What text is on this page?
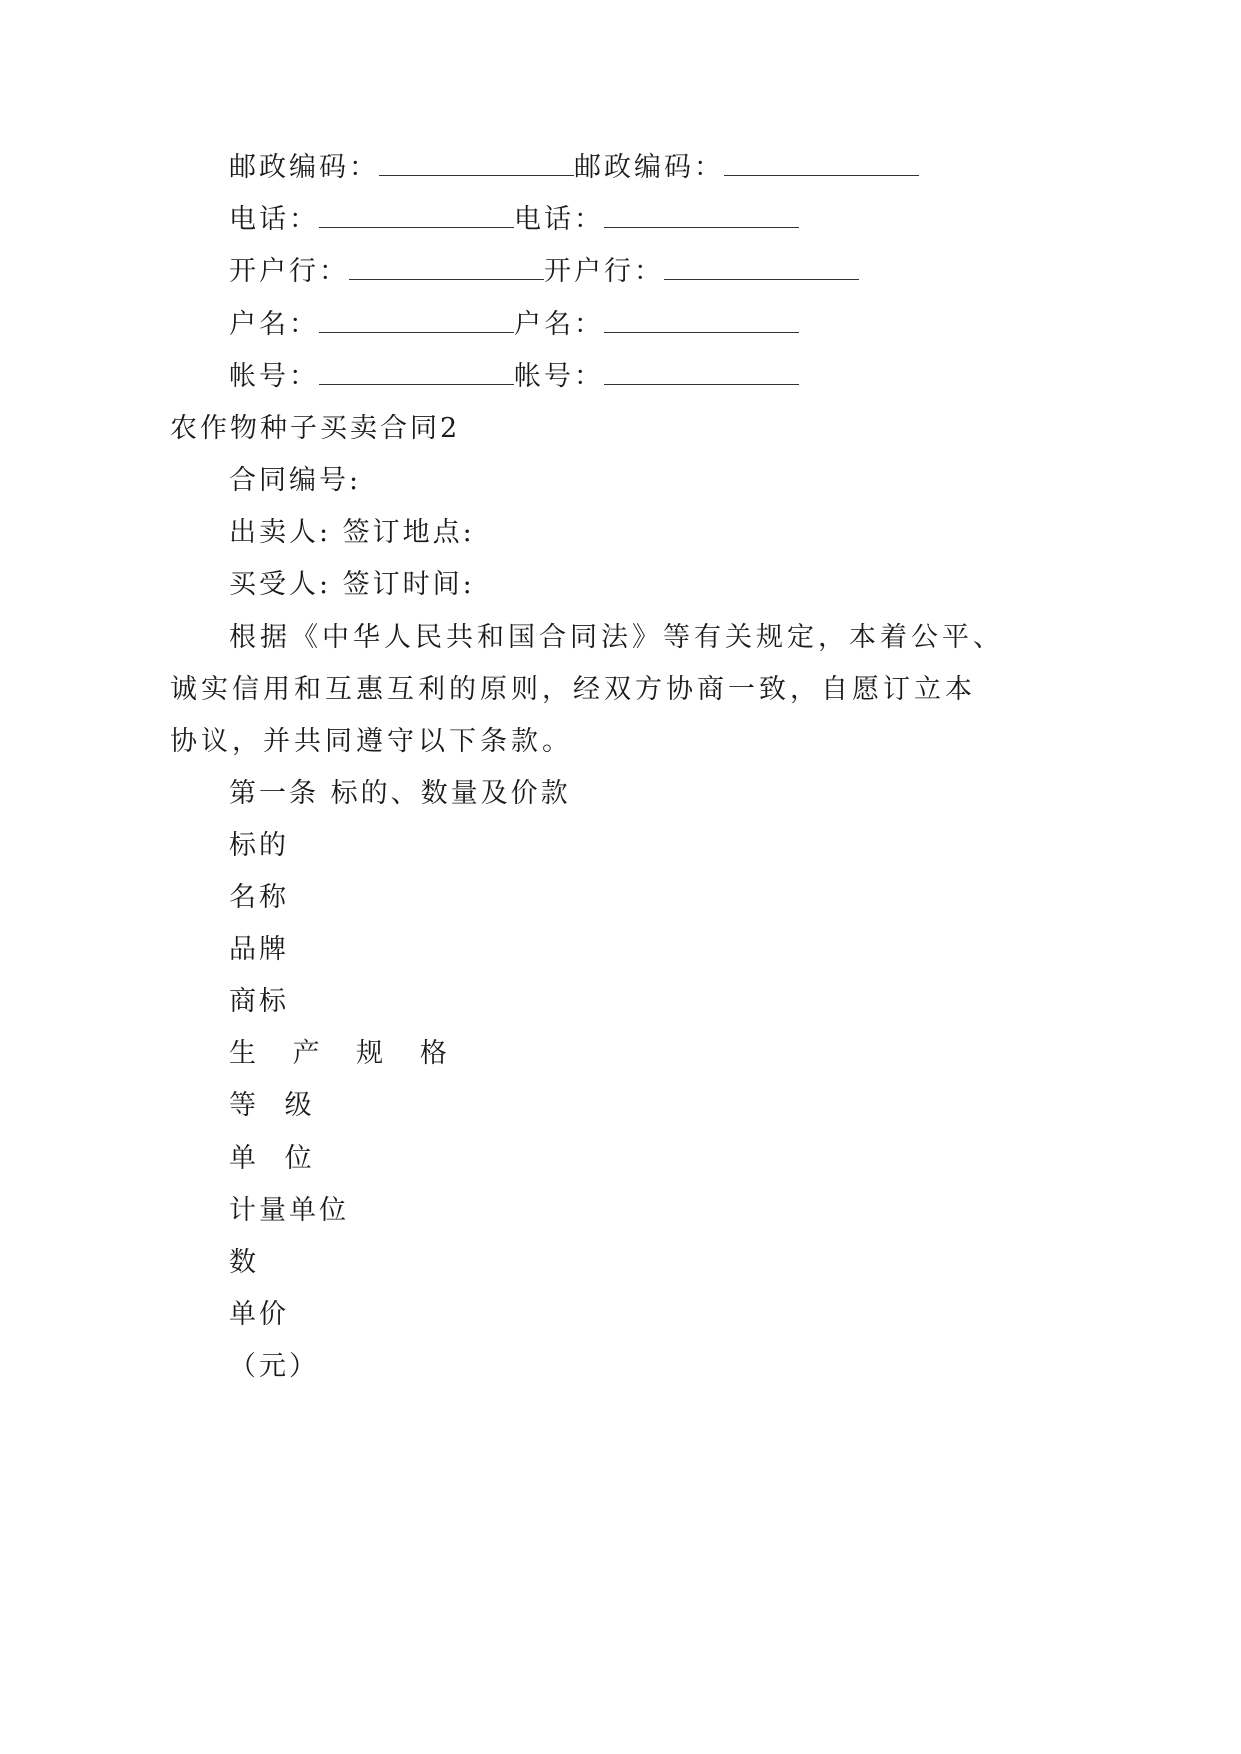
邮政编码：	邮政编码：
电话：	电话：
开户行：	开户行：
户名：	户名：
帐号：	帐号：
农作物种子买卖合同2
合同编号:
出卖人: 签订地点:
买受人: 签订时间:
根据《中华人民共和国合同法》等有关规定，本着公平、
诚实信用和互惠互利的原则，经双方协商一致，自愿订立本
协议，并共同遵守以下条款。
第一条 标的、数量及价款
标的
名称
品牌
商标
生 产 规 格
等 级
单 位
计量单位
数
单价
（元）
